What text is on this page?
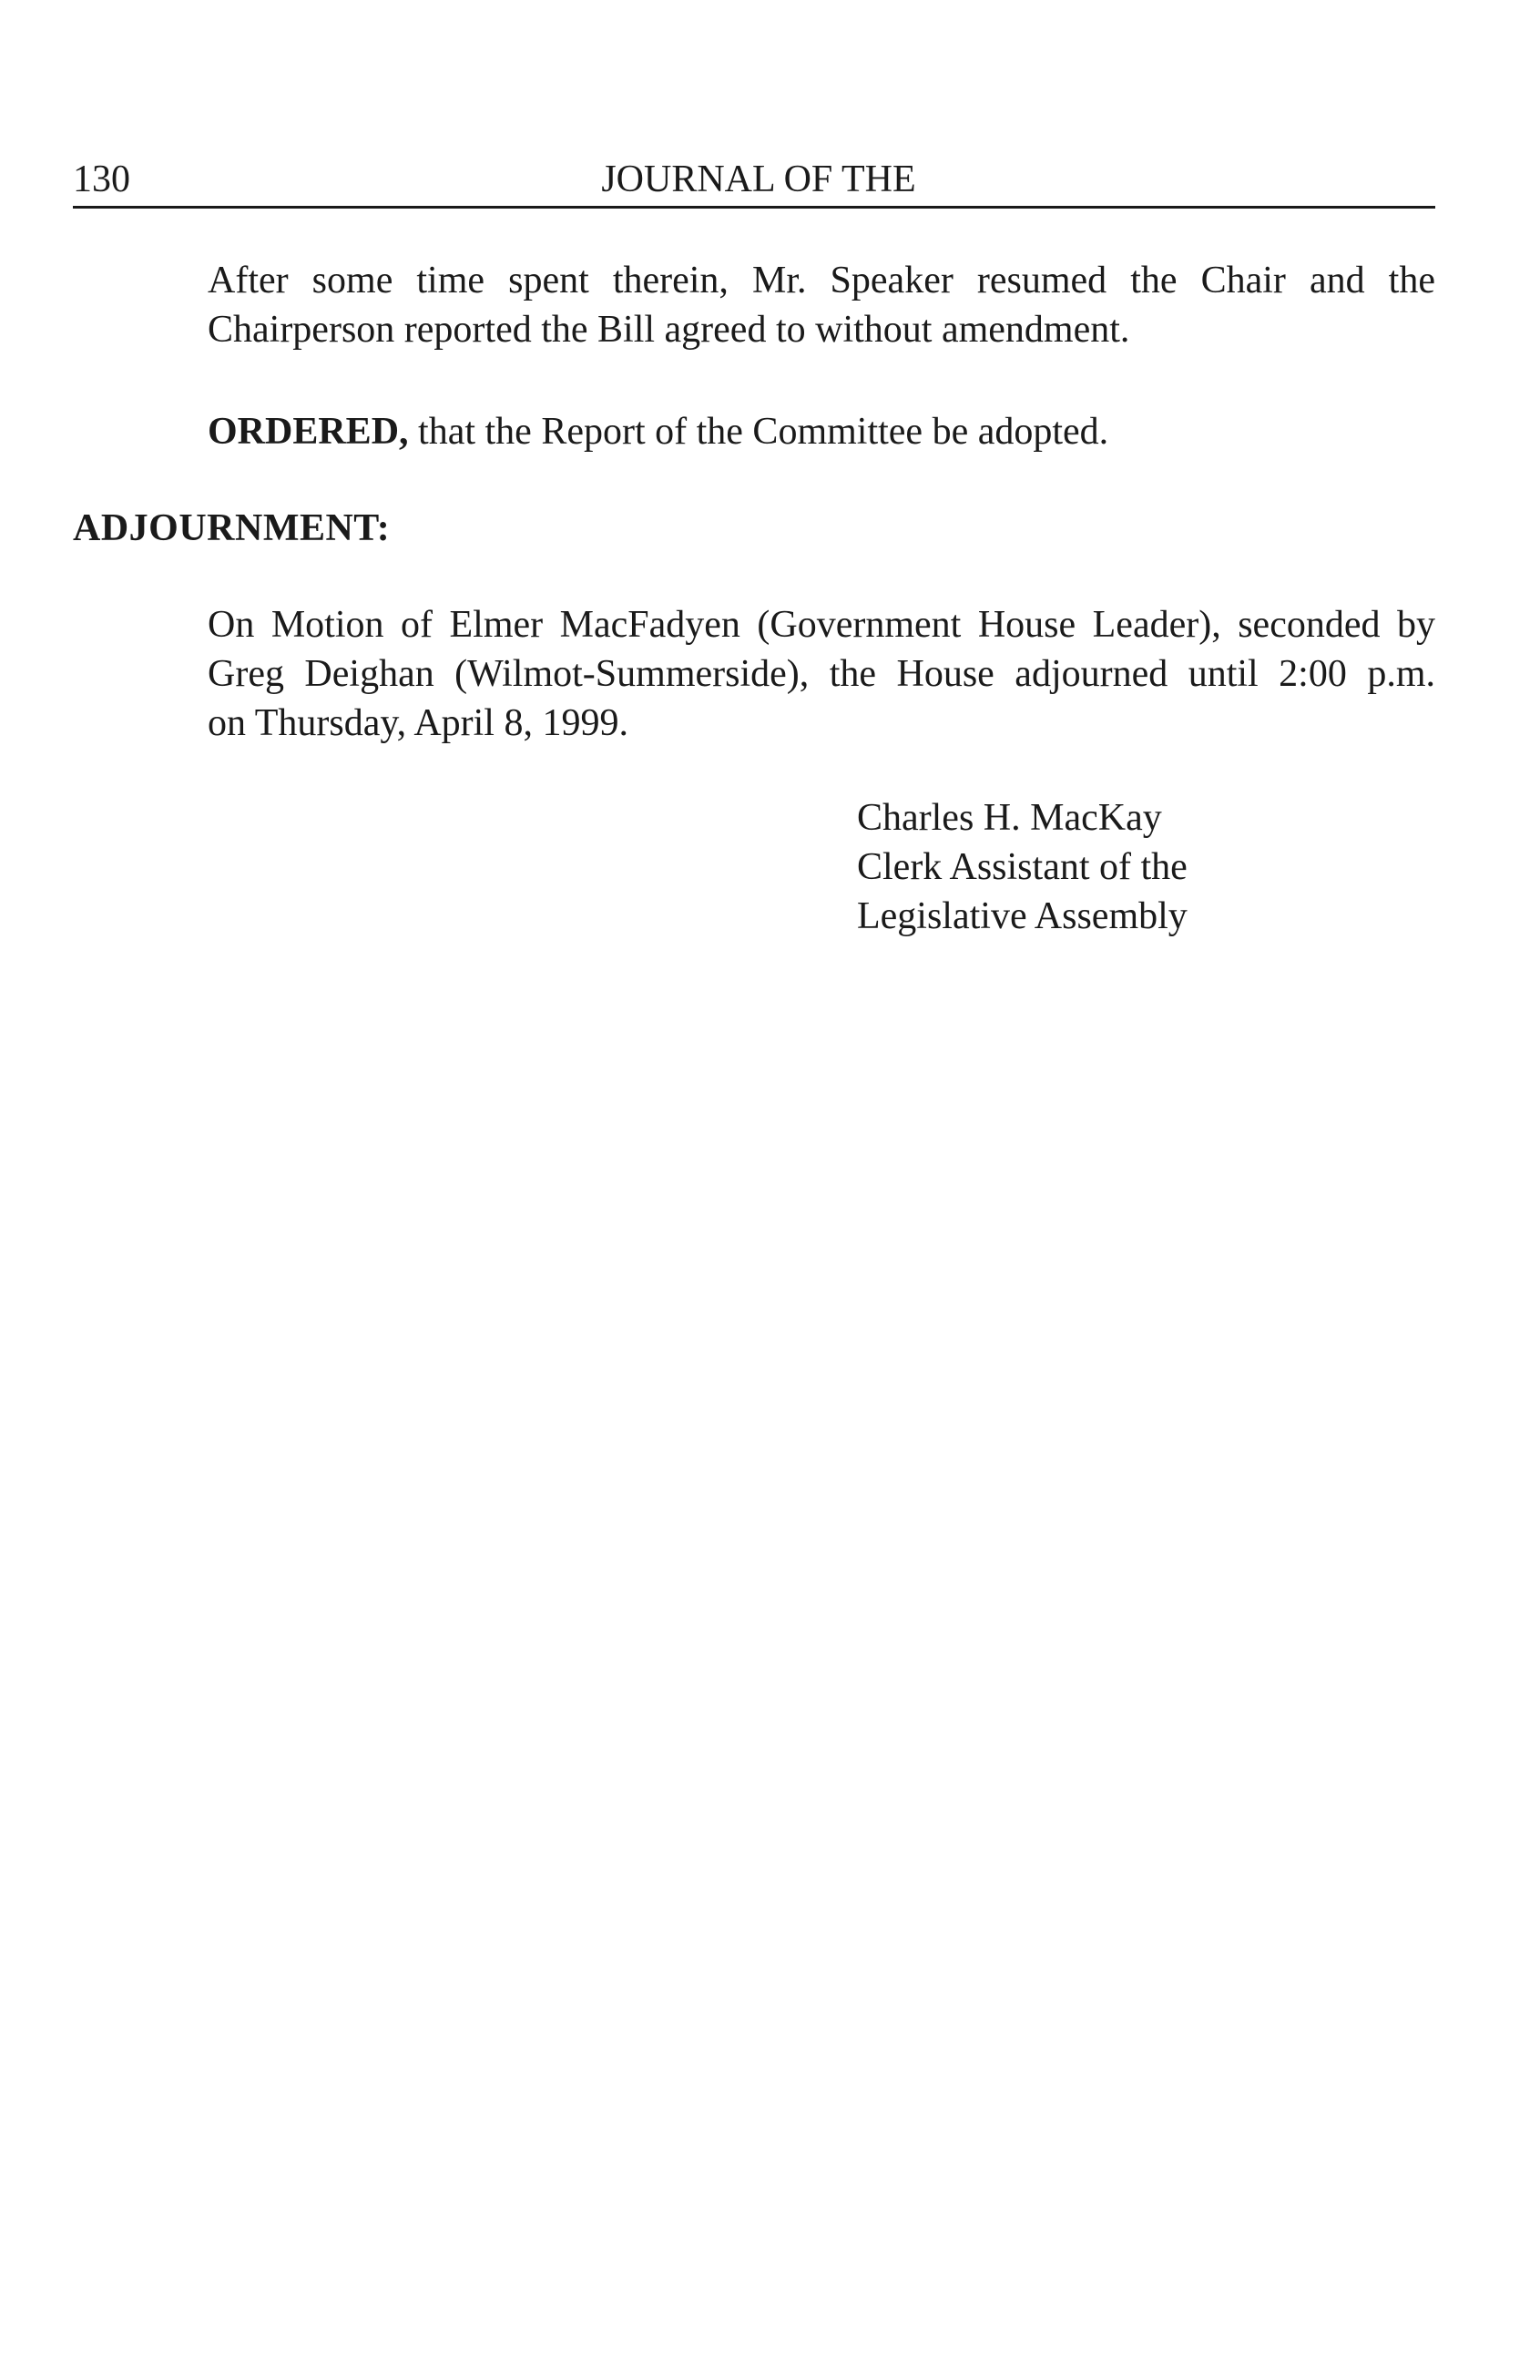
130	JOURNAL OF THE

After some time spent therein, Mr. Speaker resumed the Chair and the
Chairperson reported the Bill agreed to without amendment.

ORDERED, that the Report of the Committee be adopted.

ADJOURNMENT:

On Motion of Elmer MacFadyen (Government House Leader), seconded by
Greg Deighan (Wilmot-Summerside), the House adjourned until 2:00 p.m.
on Thursday, April 8, 1999.

Charles H. MacKay
Clerk Assistant of the
Legislative Assembly
